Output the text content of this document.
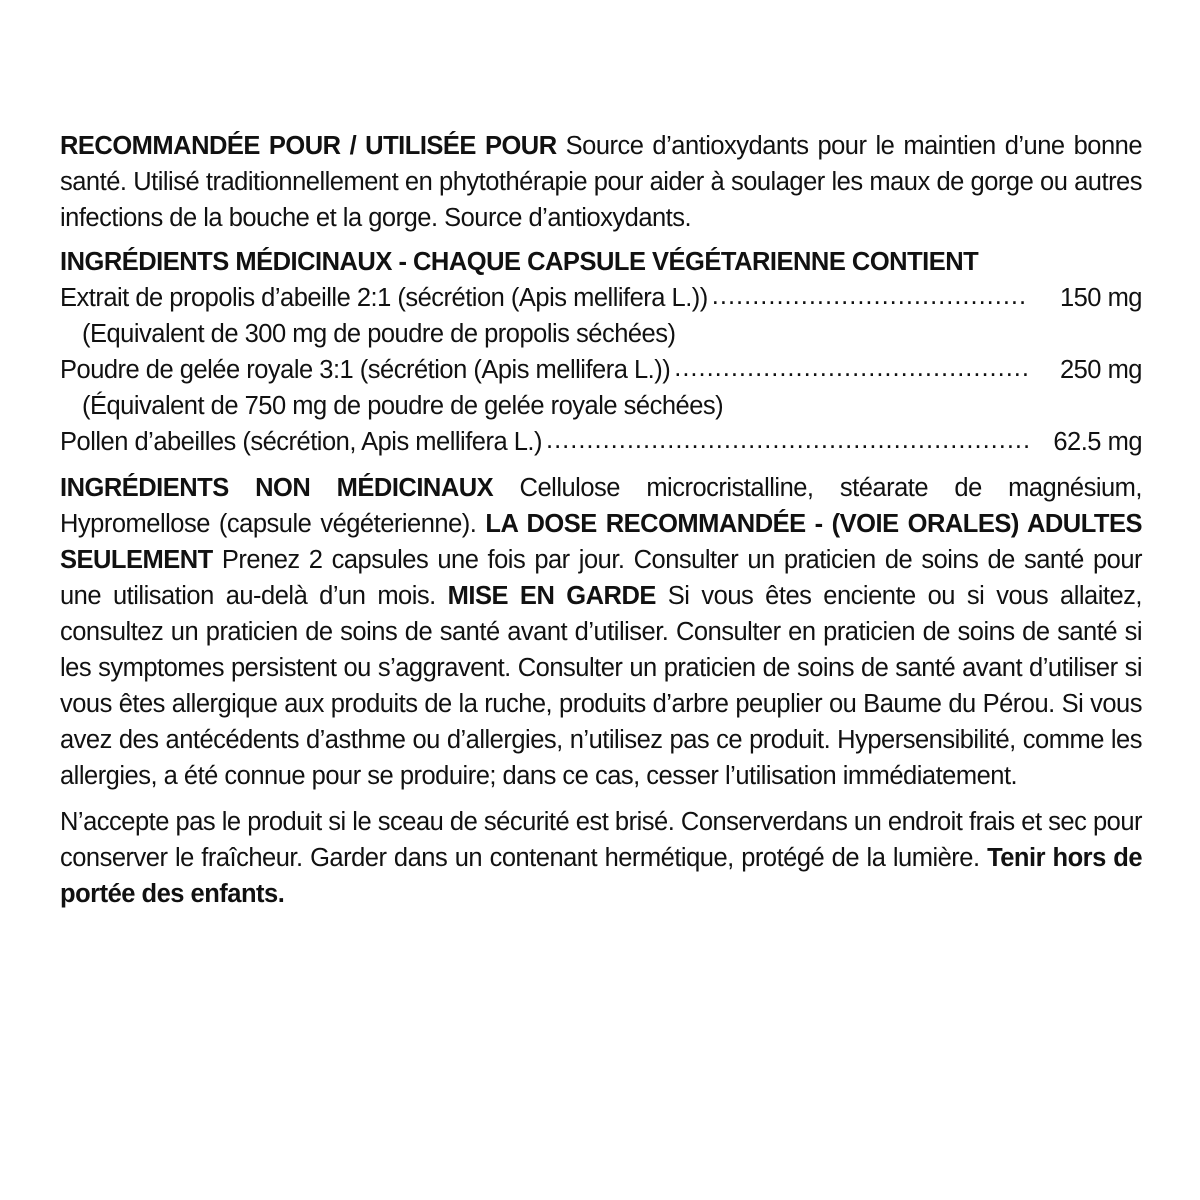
RECOMMANDÉE POUR / UTILISÉE POUR Source d’antioxydants pour le maintien d’une bonne santé. Utilisé traditionnellement en phytothérapie pour aider à soulager les maux de gorge ou autres infections de la bouche et la gorge. Source d’antioxydants.

INGRÉDIENTS MÉDICINAUX - CHAQUE CAPSULE VÉGÉTARIENNE CONTIENT

Extrait de propolis d’abeille 2:1 (sécrétion (Apis mellifera L.)) .....	150 mg
(Equivalent de 300 mg de poudre de propolis séchées)
Poudre de gelée royale 3:1 (sécrétion (Apis mellifera L.)) .....	250 mg
(Équivalent de 750 mg de poudre de gelée royale séchées)
Pollen d’abeilles (sécrétion, Apis mellifera L.) .....	62.5 mg

INGRÉDIENTS NON MÉDICINAUX Cellulose microcristalline, stéarate de magnésium, Hypromellose (capsule végéterienne). LA DOSE RECOMMANDÉE - (VOIE ORALES) ADULTES SEULEMENT Prenez 2 capsules une fois par jour. Consulter un praticien de soins de santé pour une utilisation au-delà d’un mois. MISE EN GARDE Si vous êtes enciente ou si vous allaitez, consultez un praticien de soins de santé avant d’utiliser. Consulter en praticien de soins de santé si les symptomes persistent ou s’aggravent. Consulter un praticien de soins de santé avant d’utiliser si vous êtes allergique aux produits de la ruche, produits d’arbre peuplier ou Baume du Pérou. Si vous avez des antécédents d’asthme ou d’allergies, n’utilisez pas ce produit. Hypersensibilité, comme les allergies, a été connue pour se produire; dans ce cas, cesser l’utilisation immédiatement.

N’accepte pas le produit si le sceau de sécurité est brisé. Conserverdans un endroit frais et sec pour conserver le fraîcheur. Garder dans un contenant hermétique, protégé de la lumière. Tenir hors de portée des enfants.
